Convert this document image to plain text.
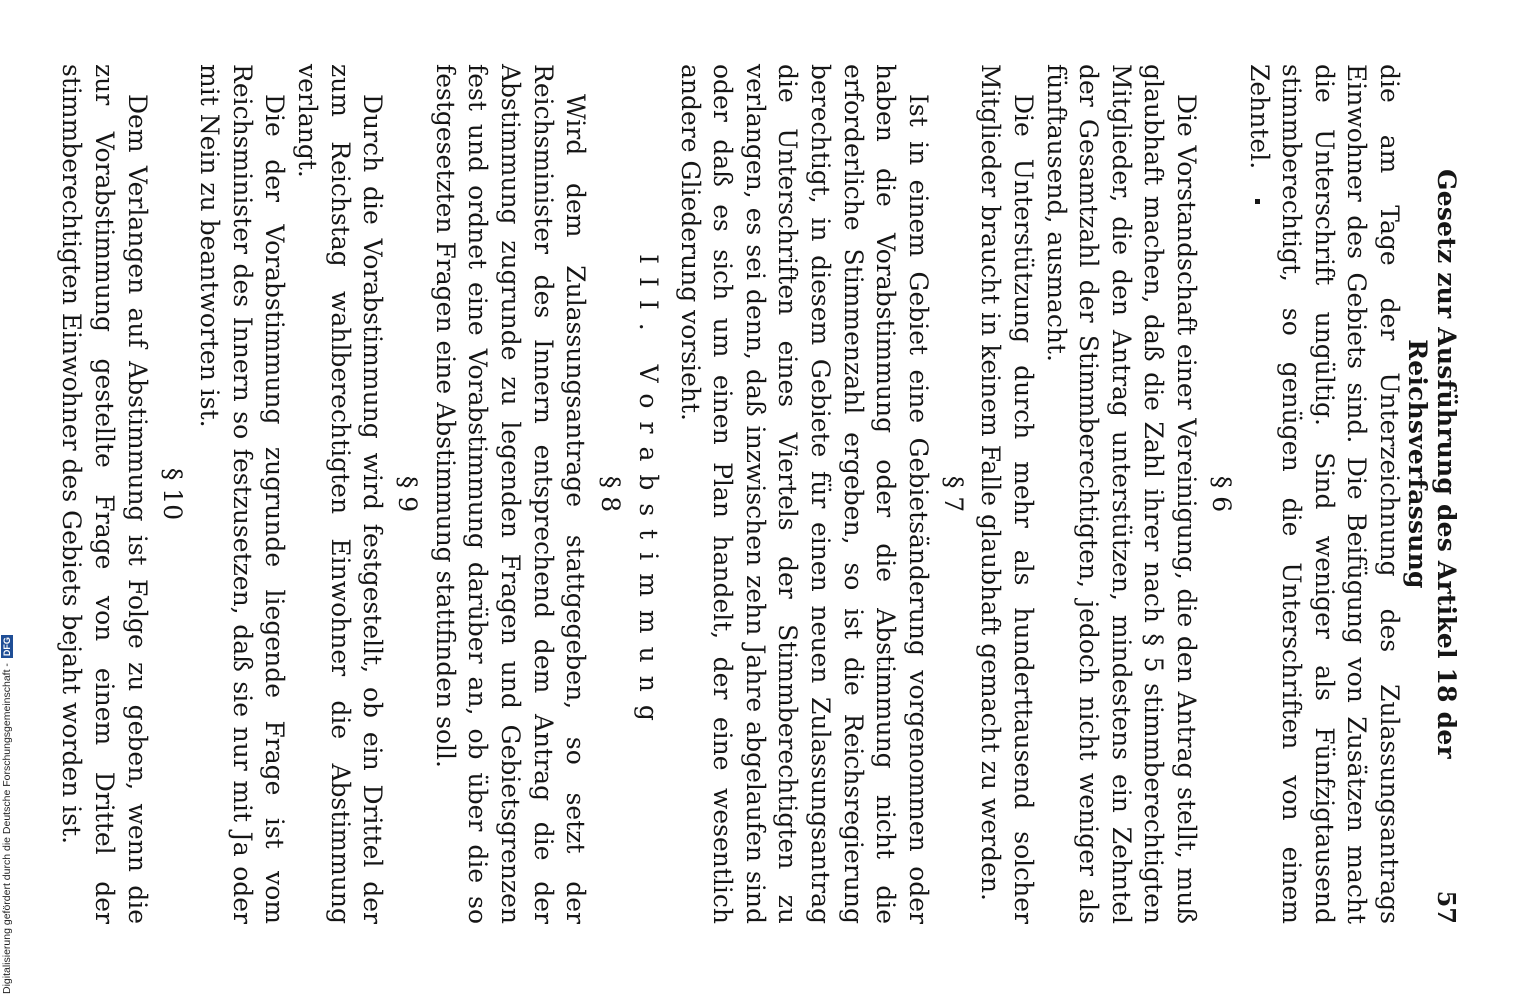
Gesetz zur Ausführung des Artikel 18 der Reichsverfassung
57

die am Tage der Unterzeichnung des Zulassungsantrags Einwohner des Gebiets sind. Die Beifügung von Zusätzen macht die Unterschrift ungültig. Sind weniger als Fünfzigtausend stimmberechtigt, so genügen die Unterschriften von einem Zehntel.

§ 6

Die Vorstandschaft einer Vereinigung, die den Antrag stellt, muß glaubhaft machen, daß die Zahl ihrer nach § 5 stimmberechtigten Mitglieder, die den Antrag unterstützen, mindestens ein Zehntel der Gesamtzahl der Stimmberechtigten, jedoch nicht weniger als fünftausend, ausmacht.

Die Unterstützung durch mehr als hunderttausend solcher Mitglieder braucht in keinem Falle glaubhaft gemacht zu werden.

§ 7

Ist in einem Gebiet eine Gebietsänderung vorgenommen oder haben die Vorabstimmung oder die Abstimmung nicht die erforderliche Stimmenzahl ergeben, so ist die Reichsregierung berechtigt, in diesem Gebiete für einen neuen Zulassungsantrag die Unterschriften eines Viertels der Stimmberechtigten zu verlangen, es sei denn, daß inzwischen zehn Jahre abgelaufen sind oder daß es sich um einen Plan handelt, der eine wesentlich andere Gliederung vorsieht.

III. Vorabstimmung
§ 8

Wird dem Zulassungsantrage stattgegeben, so setzt der Reichsminister des Innern entsprechend dem Antrag die der Abstimmung zugrunde zu legenden Fragen und Gebietsgrenzen fest und ordnet eine Vorabstimmung darüber an, ob über die so festgesetzten Fragen eine Abstimmung stattfinden soll.

§ 9

Durch die Vorabstimmung wird festgestellt, ob ein Drittel der zum Reichstag wahlberechtigten Einwohner die Abstimmung verlangt.

Die der Vorabstimmung zugrunde liegende Frage ist vom Reichsminister des Innern so festzusetzen, daß sie nur mit Ja oder mit Nein zu beantworten ist.

§ 10

Dem Verlangen auf Abstimmung ist Folge zu geben, wenn die zur Vorabstimmung gestellte Frage von einem Drittel der stimmberechtigten Einwohner des Gebiets bejaht worden ist.

Digitalisierung gefördert durch die Deutsche Forschungsgemeinschaft - DFG
